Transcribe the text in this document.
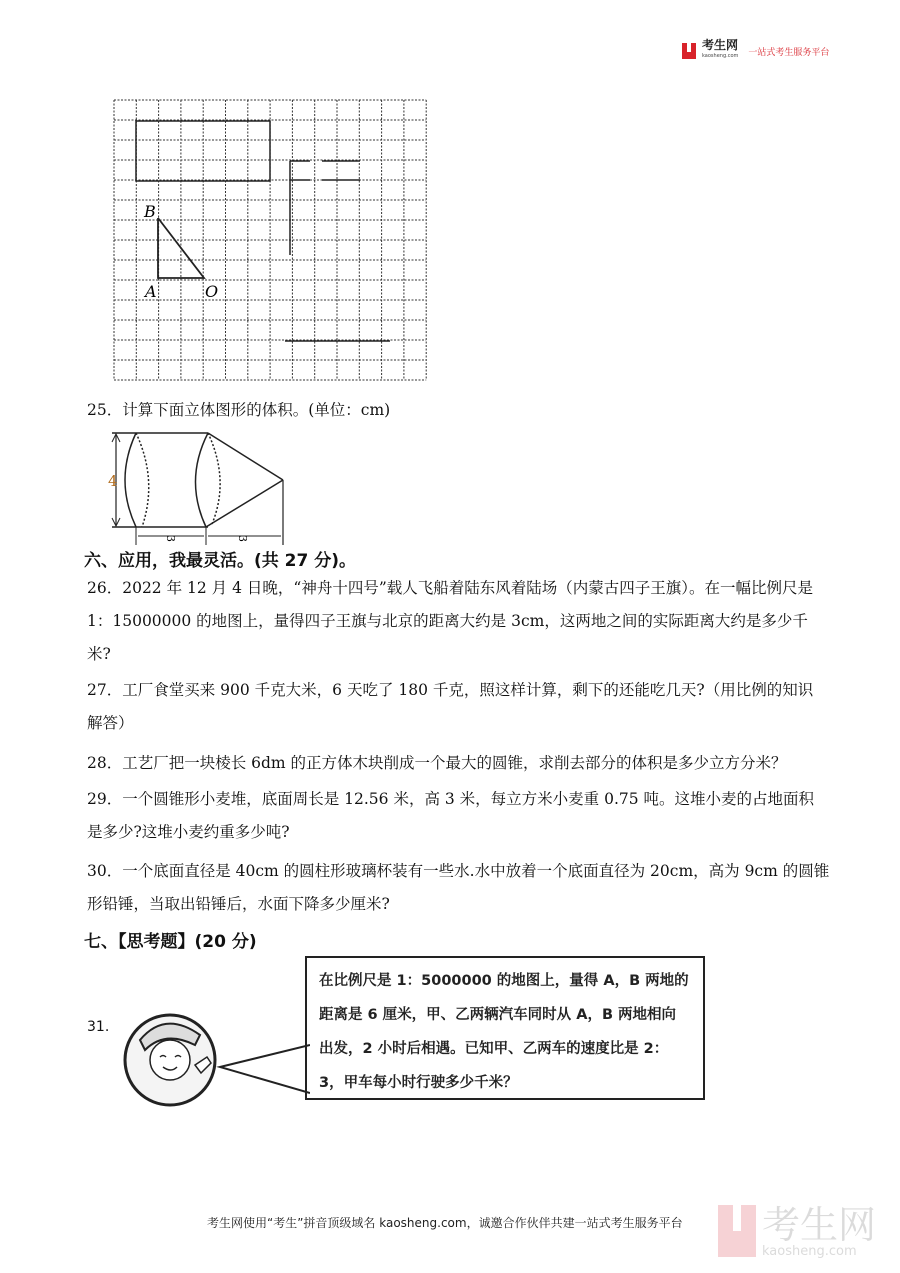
考生网
kaosheng.com 一站式考生服务平台
B
A	O
25．计算下面立体图形的体积。(单位：cm)
4
3	3
六、应用，我最灵活。(共 27 分)。
26．2022 年 12 月 4 日晚，“神舟十四号”载人飞船着陆东风着陆场（内蒙古四子王旗）。在一幅比例尺是
1：15000000 的地图上，量得四子王旗与北京的距离大约是 3cm，这两地之间的实际距离大约是多少千
米?
27．工厂食堂买来 900 千克大米，6 天吃了 180 千克，照这样计算，剩下的还能吃几天?（用比例的知识
解答）
28．工艺厂把一块棱长 6dm 的正方体木块削成一个最大的圆锥，求削去部分的体积是多少立方分米？
29．一个圆锥形小麦堆，底面周长是 12.56 米，高 3 米，每立方米小麦重 0.75 吨。这堆小麦的占地面积
是多少?这堆小麦约重多少吨?
30．一个底面直径是 40cm 的圆柱形玻璃杯装有一些水.水中放着一个底面直径为 20cm，高为 9cm 的圆锥
形铅锤，当取出铅锤后，水面下降多少厘米?
七、【思考题】(20 分)
31.
在比例尺是 1：5000000 的地图上，量得 A，B 两地的
距离是 6 厘米，甲、乙两辆汽车同时从 A，B 两地相向
出发，2 小时后相遇。已知甲、乙两车的速度比是 2：
3，甲车每小时行驶多少千米？
考生网使用“考生”拼音顶级域名 kaosheng.com，诚邀合作伙伴共建一站式考生服务平台 考生网
kaosheng.com
